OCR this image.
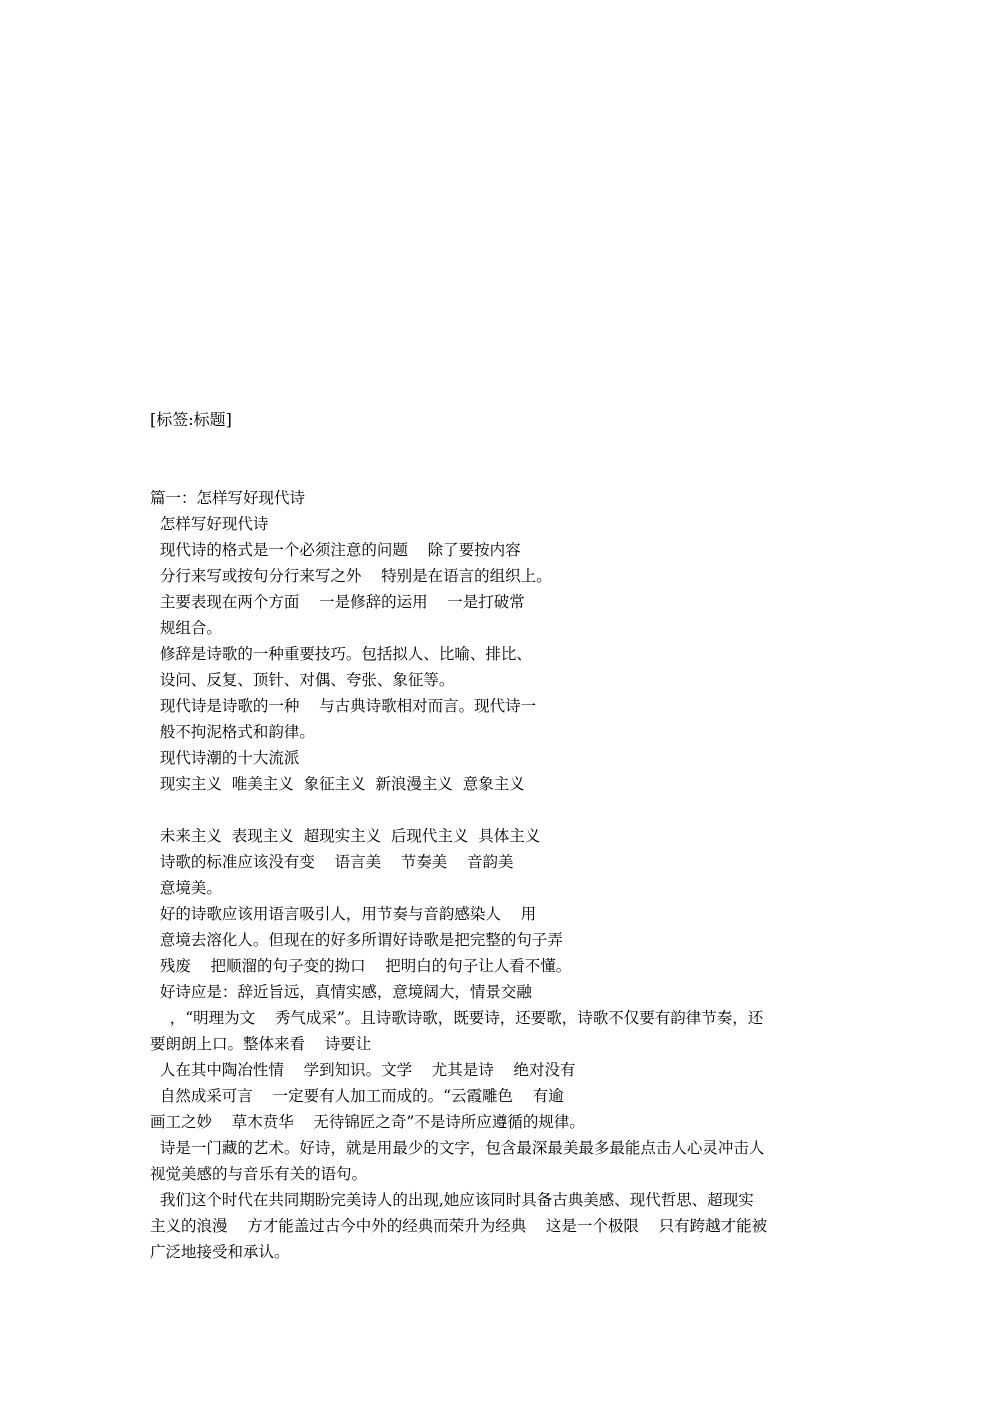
[标签:标题]
篇一：怎样写好现代诗
怎样写好现代诗
现代诗的格式是一个必须注意的问题    除了要按内容
分行来写或按句分行来写之外    特别是在语言的组织上。
主要表现在两个方面    一是修辞的运用    一是打破常
规组合。
修辞是诗歌的一种重要技巧。包括拟人、比喻、排比、
设问、反复、顶针、对偶、夸张、象征等。
现代诗是诗歌的一种    与古典诗歌相对而言。现代诗一
般不拘泥格式和韵律。
现代诗潮的十大流派
现实主义  唯美主义  象征主义  新浪漫主义  意象主义
未来主义  表现主义  超现实主义  后现代主义  具体主义
诗歌的标准应该没有变    语言美    节奏美    音韵美
意境美。
好的诗歌应该用语言吸引人，用节奏与音韵感染人    用
意境去溶化人。但现在的好多所谓好诗歌是把完整的句子弄
残废    把顺溜的句子变的拗口    把明白的句子让人看不懂。
好诗应是：辞近旨远，真情实感，意境阔大，情景交融
，“明理为文    秀气成采”。且诗歌诗歌，既要诗，还要歌，诗歌不仅要有韵律节奏，还
要朗朗上口。整体来看    诗要让
人在其中陶冶性情    学到知识。文学    尤其是诗    绝对没有
自然成采可言    一定要有人加工而成的。“云霞雕色    有逾
画工之妙    草木贲华    无待锦匠之奇”不是诗所应遵循的规律。
诗是一门藏的艺术。好诗，就是用最少的文字，包含最深最美最多最能点击人心灵冲击人
视觉美感的与音乐有关的语句。
我们这个时代在共同期盼完美诗人的出现,她应该同时具备古典美感、现代哲思、超现实
主义的浪漫    方才能盖过古今中外的经典而荣升为经典    这是一个极限    只有跨越才能被
广泛地接受和承认。
